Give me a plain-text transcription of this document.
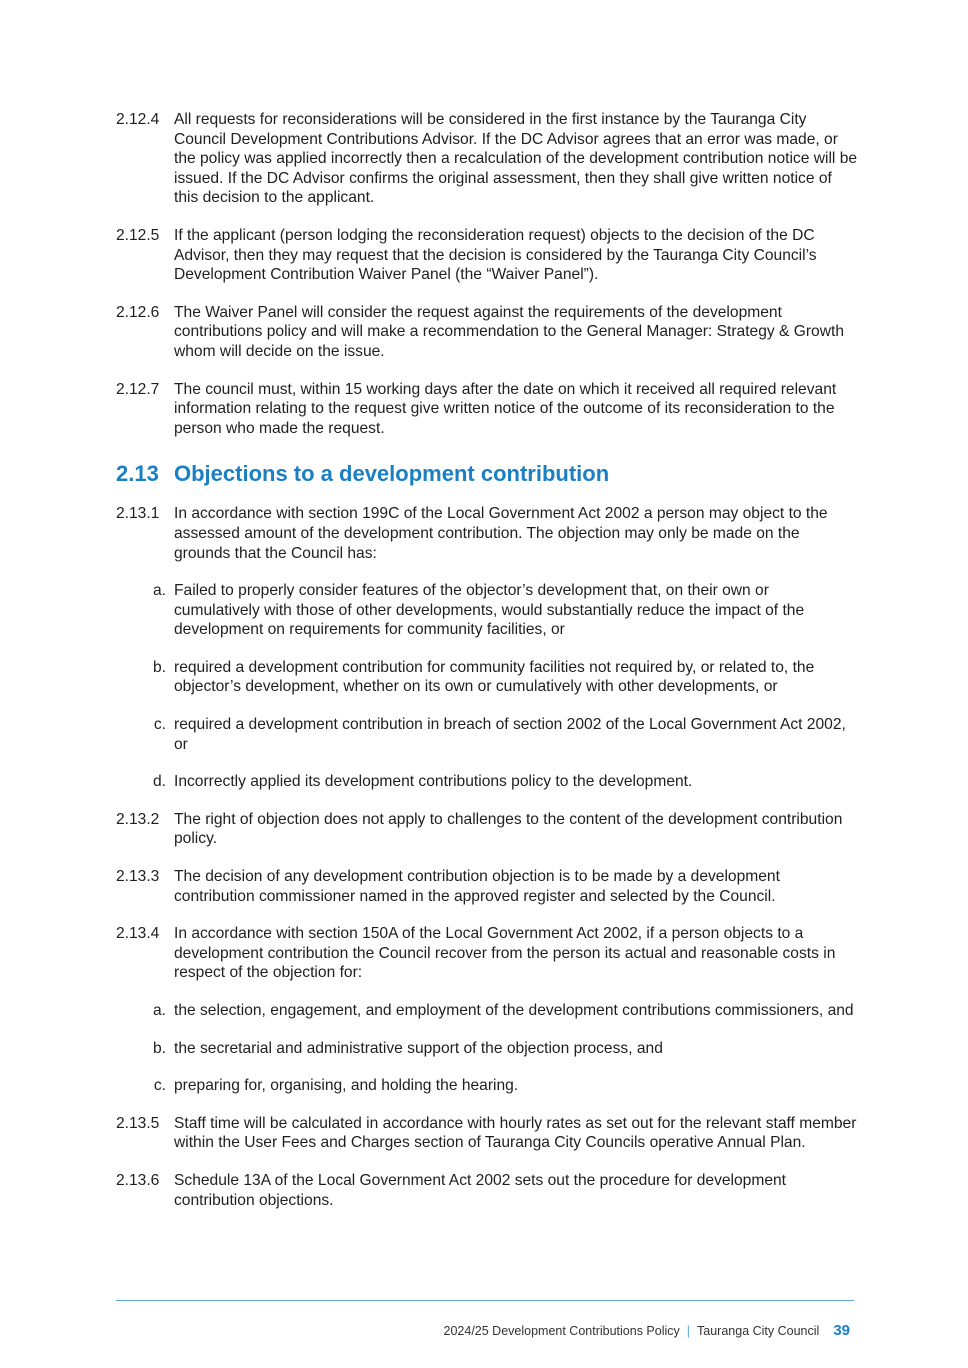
2.12.4 All requests for reconsiderations will be considered in the first instance by the Tauranga City Council Development Contributions Advisor. If the DC Advisor agrees that an error was made, or the policy was applied incorrectly then a recalculation of the development contribution notice will be issued. If the DC Advisor confirms the original assessment, then they shall give written notice of this decision to the applicant.
2.12.5 If the applicant (person lodging the reconsideration request) objects to the decision of the DC Advisor, then they may request that the decision is considered by the Tauranga City Council’s Development Contribution Waiver Panel (the “Waiver Panel”).
2.12.6 The Waiver Panel will consider the request against the requirements of the development contributions policy and will make a recommendation to the General Manager: Strategy & Growth whom will decide on the issue.
2.12.7 The council must, within 15 working days after the date on which it received all required relevant information relating to the request give written notice of the outcome of its reconsideration to the person who made the request.
2.13 Objections to a development contribution
2.13.1 In accordance with section 199C of the Local Government Act 2002 a person may object to the assessed amount of the development contribution. The objection may only be made on the grounds that the Council has:
a. Failed to properly consider features of the objector’s development that, on their own or cumulatively with those of other developments, would substantially reduce the impact of the development on requirements for community facilities, or
b. required a development contribution for community facilities not required by, or related to, the objector’s development, whether on its own or cumulatively with other developments, or
c. required a development contribution in breach of section 2002 of the Local Government Act 2002, or
d. Incorrectly applied its development contributions policy to the development.
2.13.2 The right of objection does not apply to challenges to the content of the development contribution policy.
2.13.3 The decision of any development contribution objection is to be made by a development contribution commissioner named in the approved register and selected by the Council.
2.13.4 In accordance with section 150A of the Local Government Act 2002, if a person objects to a development contribution the Council recover from the person its actual and reasonable costs in respect of the objection for:
a. the selection, engagement, and employment of the development contributions commissioners, and
b. the secretarial and administrative support of the objection process, and
c. preparing for, organising, and holding the hearing.
2.13.5 Staff time will be calculated in accordance with hourly rates as set out for the relevant staff member within the User Fees and Charges section of Tauranga City Councils operative Annual Plan.
2.13.6 Schedule 13A of the Local Government Act 2002 sets out the procedure for development contribution objections.
2024/25 Development Contributions Policy | Tauranga City Council 39
